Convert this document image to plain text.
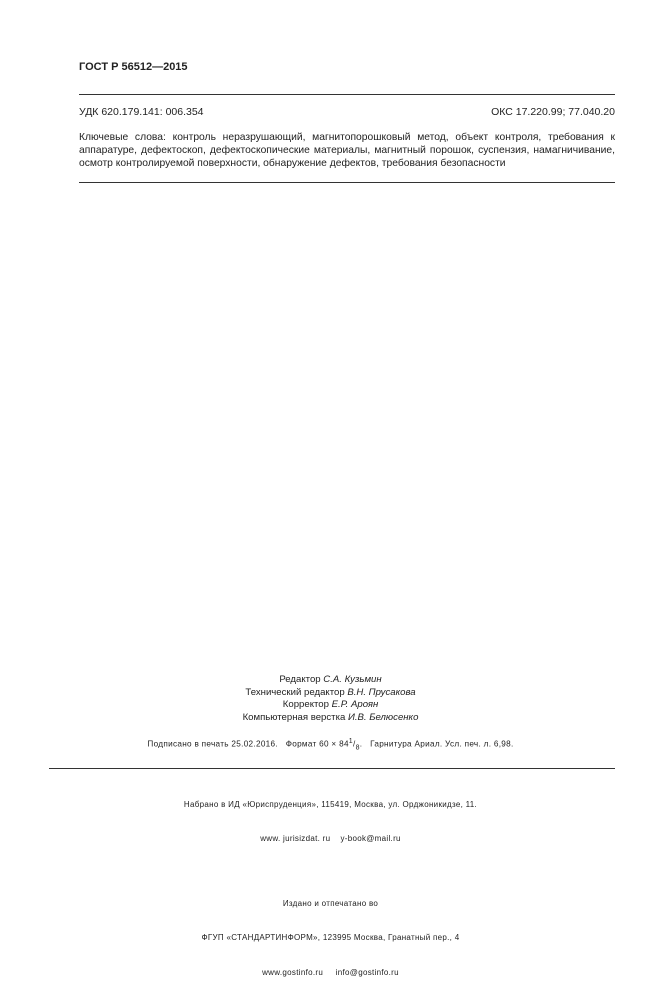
ГОСТ Р 56512—2015
УДК 620.179.141: 006.354	ОКС 17.220.99; 77.040.20
Ключевые слова: контроль неразрушающий, магнитопорошковый метод, объект контроля, требования к аппаратуре, дефектоскоп, дефектоскопические материалы, магнитный порошок, суспензия, намагничивание, осмотр контролируемой поверхности, обнаружение дефектов, требования безопасности
Редактор С.А. Кузьмин
Технический редактор В.Н. Прусакова
Корректор Е.Р. Ароян
Компьютерная верстка И.В. Белюсенко
Подписано в печать 25.02.2016.   Формат $60 \times 84^1/_8$.   Гарнитура Ариал. Усл. печ. л. 6,98.

Набрано в ИД «Юриспруденция», 115419, Москва, ул. Орджоникидзе, 11.

www. jurisizdat. ru    y-book@mail.ru

Издано и отпечатано во

ФГУП «СТАНДАРТИНФОРМ», 123995 Москва, Гранатный пер., 4

www.gostinfo.ru     info@gostinfo.ru
